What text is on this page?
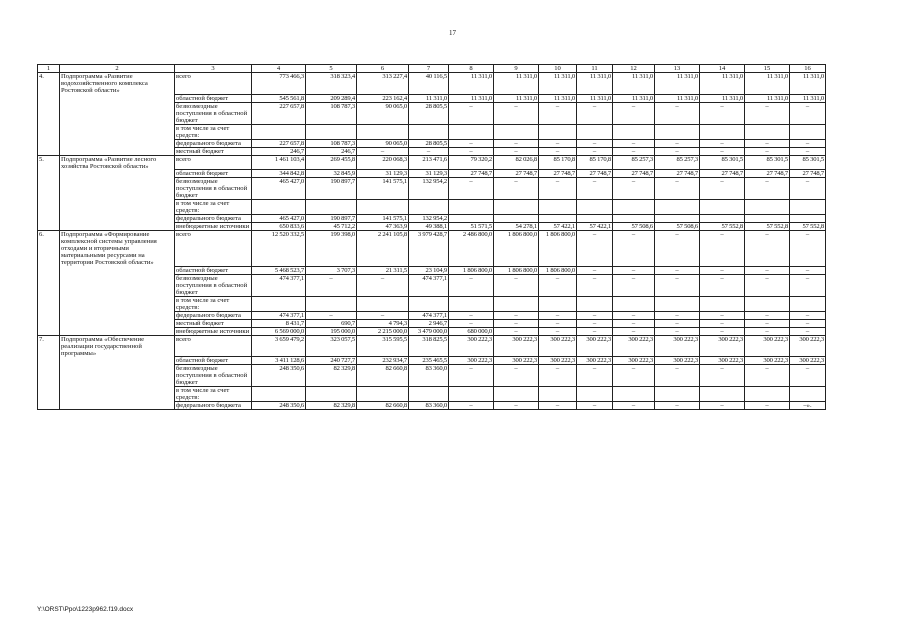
17
1	2	3	4	5	6	7	8	9	10	11	12	13	14	15	16
4.	Подпрограмма «Развитие водохозяйственного комплекса Ростовской области»	всего	773 466,3	318 323,4	313 227,4	40 116,5	11 311,0	11 311,0	11 311,0	11 311,0	11 311,0	11 311,0	11 311,0	11 311,0	11 311,0
		областной бюджет	545 561,8	209 289,4	223 162,4	11 311,0	11 311,0	11 311,0	11 311,0	11 311,0	11 311,0	11 311,0	11 311,0	11 311,0	11 311,0
		безвозмездные поступления в областной бюджет	227 657,8	108 787,3	90 065,0	28 805,5	–	–	–	–	–	–	–	–	–
		в том числе за счет средств:													
		федерального бюджета	227 657,8	108 787,3	90 065,0	28 805,5	–	–	–	–	–	–	–	–	–
		местный бюджет	246,7	246,7	–	–	–	–	–	–	–	–	–	–	–
5.	Подпрограмма «Развитие лесного хозяйства Ростовской области»	всего	1 461 103,4	269 455,8	220 068,3	213 471,6	79 320,2	82 026,8	85 170,8	85 170,8	85 257,3	85 257,3	85 301,5	85 301,5	85 301,5
		областной бюджет	344 842,8	32 845,9	31 129,3	31 129,3	27 748,7	27 748,7	27 748,7	27 748,7	27 748,7	27 748,7	27 748,7	27 748,7	27 748,7
		безвозмездные поступления в областной бюджет	465 427,0	190 897,7	141 575,1	132 954,2	–	–	–	–	–	–	–	–	–
		в том числе за счет средств:													
		федерального бюджета	465 427,0	190 897,7	141 575,1	132 954,2									
		внебюджетные источники	650 833,6	45 712,2	47 363,9	49 388,1	51 571,5	54 278,1	57 422,1	57 422,1	57 508,6	57 508,6	57 552,8	57 552,8	57 552,8
6.	Подпрограмма «Формирование комплексной системы управления отходами и вторичными материальными ресурсами на территории Ростовской области»	всего	12 520 332,5	199 398,0	2 241 105,8	3 979 428,7	2 486 800,0	1 806 800,0	1 806 800,0	–	–	–	–	–	–
		областной бюджет	5 468 523,7	3 707,3	21 311,5	23 104,9	1 806 800,0	1 806 800,0	1 806 800,0	–	–	–	–	–	–
		безвозмездные поступления в областной бюджет	474 377,1	–	–	474 377,1	–	–	–	–	–	–	–	–	–
		в том числе за счет средств:													
		федерального бюджета	474 377,1	–	–	474 377,1	–	–	–	–	–	–	–	–	–
		местный бюджет	8 431,7	690,7	4 794,3	2 946,7	–	–	–	–	–	–	–	–	–
		внебюджетные источники	6 569 000,0	195 000,0	2 215 000,0	3 479 000,0	680 000,0	–	–	–	–	–	–	–	–
7.	Подпрограмма «Обеспечение реализации государственной программы»	всего	3 659 479,2	323 057,5	315 595,5	318 825,5	300 222,3	300 222,3	300 222,3	300 222,3	300 222,3	300 222,3	300 222,3	300 222,3	300 222,3
		областной бюджет	3 411 128,6	240 727,7	232 934,7	235 465,5	300 222,3	300 222,3	300 222,3	300 222,3	300 222,3	300 222,3	300 222,3	300 222,3	300 222,3
		безвозмездные поступления в областной бюджет	248 350,6	82 329,8	82 660,8	83 360,0	–	–	–	–	–	–	–	–	–
		в том числе за счет средств:													
		федерального бюджета	248 350,6	82 329,8	82 660,8	83 360,0	–	–	–	–	–	–	–	–	–».
Y:\ORST\Ppo\1223p962.f19.docx
